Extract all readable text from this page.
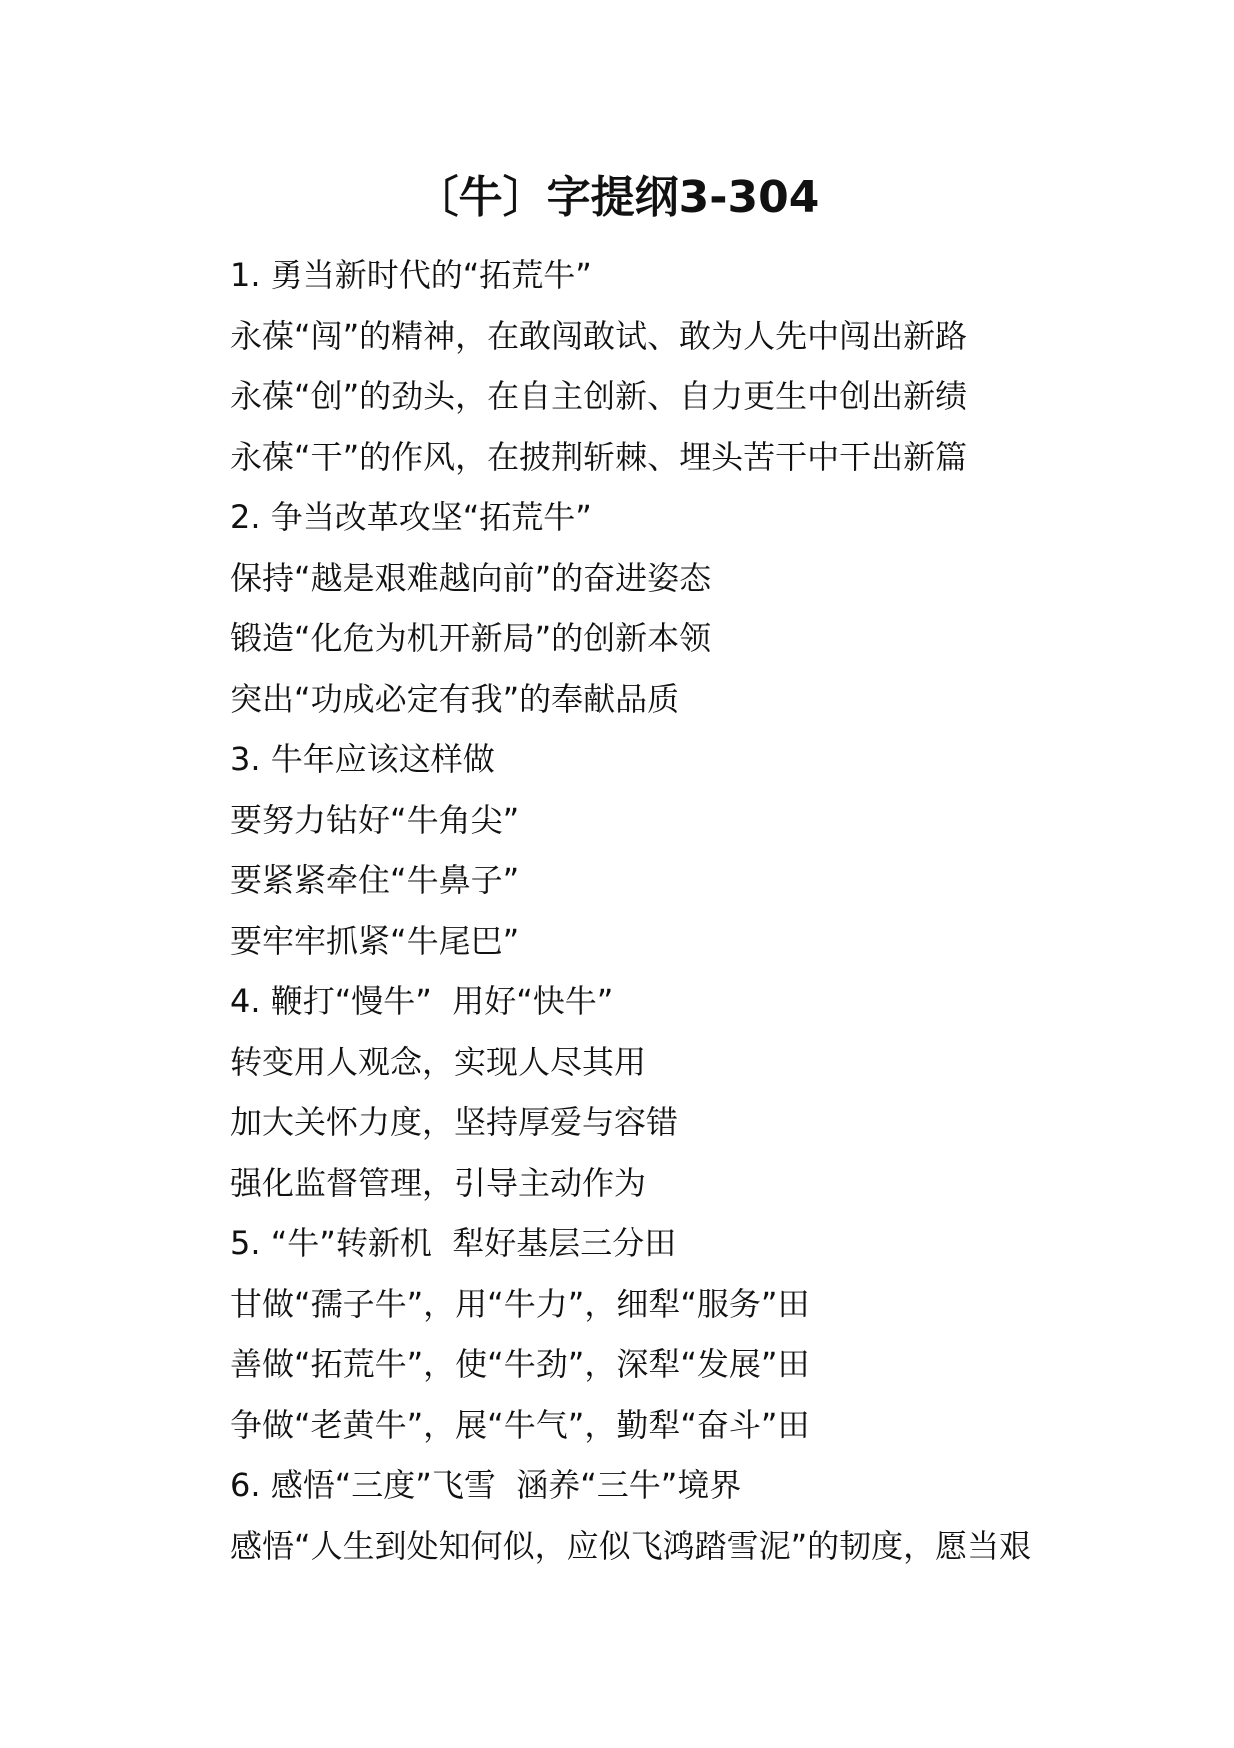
〔牛〕字提纲3-304
1. 勇当新时代的“拓荒牛”
永葆“闯”的精神，在敢闯敢试、敢为人先中闯出新路
永葆“创”的劲头，在自主创新、自力更生中创出新绩
永葆“干”的作风，在披荆斩棘、埋头苦干中干出新篇
2. 争当改革攻坚“拓荒牛”
保持“越是艰难越向前”的奋进姿态
锻造“化危为机开新局”的创新本领
突出“功成必定有我”的奉献品质
3. 牛年应该这样做
要努力钻好“牛角尖”
要紧紧牵住“牛鼻子”
要牢牢抓紧“牛尾巴”
4. 鞭打“慢牛”  用好“快牛”
转变用人观念，实现人尽其用
加大关怀力度，坚持厚爱与容错
强化监督管理，引导主动作为
5. “牛”转新机  犁好基层三分田
甘做“孺子牛”，用“牛力”，细犁“服务”田
善做“拓荒牛”，使“牛劲”，深犁“发展”田
争做“老黄牛”，展“牛气”，勤犁“奋斗”田
6. 感悟“三度”飞雪  涵养“三牛”境界
感悟“人生到处知何似，应似飞鸿踏雪泥”的韧度，愿当艰
